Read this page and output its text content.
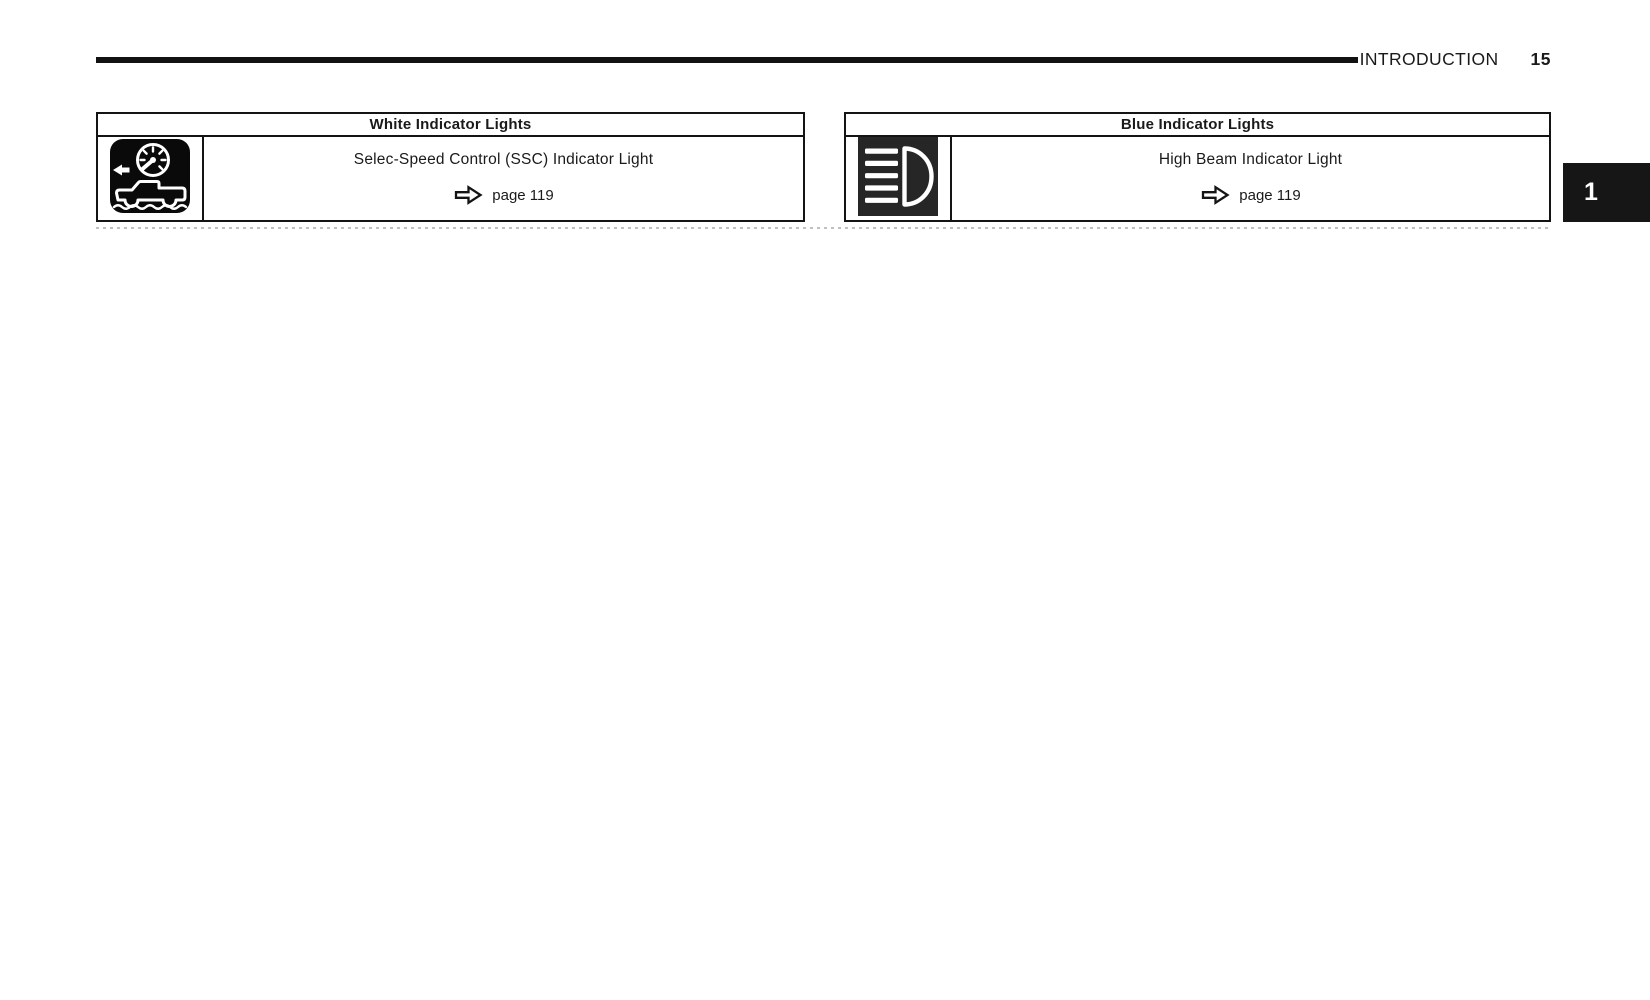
INTRODUCTION 15
White Indicator Lights
Selec-Speed Control (SSC) Indicator Light
page 119
Blue Indicator Lights
High Beam Indicator Light
page 119	1
